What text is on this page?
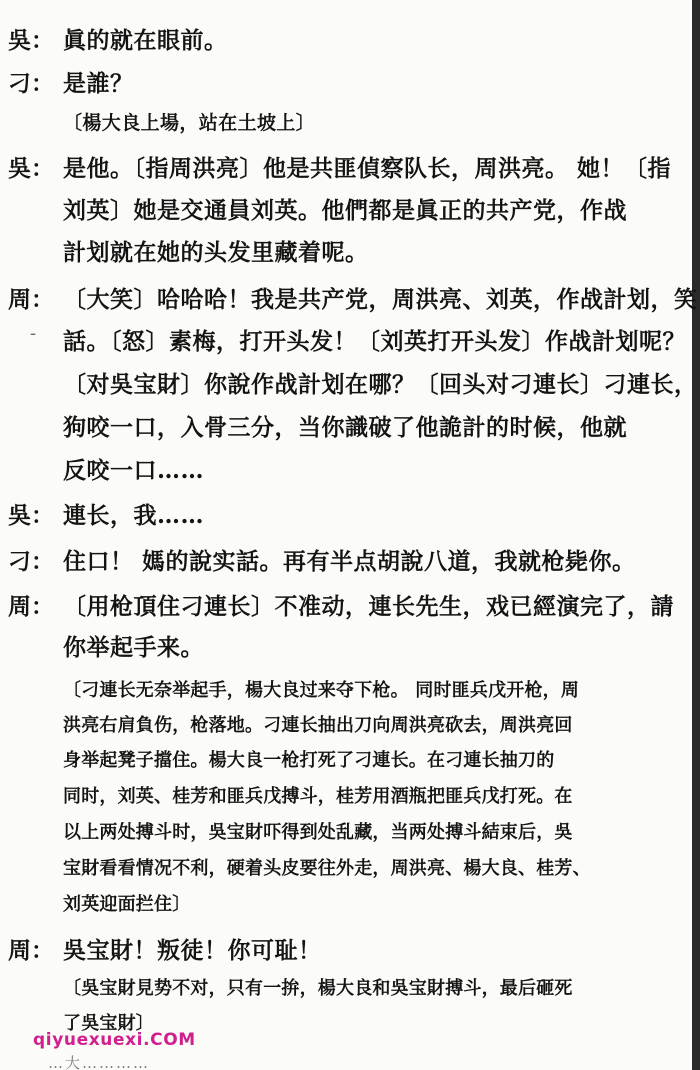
吳： 眞的就在眼前。
刁： 是誰？
〔楊大良上場，站在土坡上〕
吳： 是他。〔指周洪亮〕他是共匪偵察队长，周洪亮。 她！〔指
刘英〕她是交通員刘英。他們都是眞正的共产党，作战
計划就在她的头发里藏着呢。
周： 〔大笑〕哈哈哈！我是共产党，周洪亮、刘英，作战計划，笑
- 話。〔怒〕素梅，打开头发！〔刘英打开头发〕作战計划呢？
〔对吳宝財〕你說作战計划在哪？〔回头对刁連长〕刁連长，
狗咬一口，入骨三分，当你識破了他詭計的时候，他就
反咬一口……
吳： 連长，我……
刁： 住口！ 媽的說实話。再有半点胡說八道，我就枪毙你。
周： 〔用枪頂住刁連长〕不准动，連长先生，戏已經演完了，請
你举起手来。
〔刁連长无奈举起手，楊大良过来夺下枪。 同时匪兵戊开枪，周
洪亮右肩負伤，枪落地。刁連长抽出刀向周洪亮砍去，周洪亮回
身举起凳子擋住。楊大良一枪打死了刁連长。在刁連长抽刀的
同时，刘英、桂芳和匪兵戊搏斗，桂芳用酒瓶把匪兵戊打死。在
以上两处搏斗时，吳宝財吓得到处乱藏，当两处搏斗結束后，吳
宝財看看情况不利，硬着头皮要往外走，周洪亮、楊大良、桂芳、
刘英迎面拦住〕
周： 吳宝財！叛徒！你可耻！
〔吳宝財見势不对，只有一拚，楊大良和吳宝財搏斗，最后砸死
了吳宝財〕
qiyuexuexi.COM
…大…………
